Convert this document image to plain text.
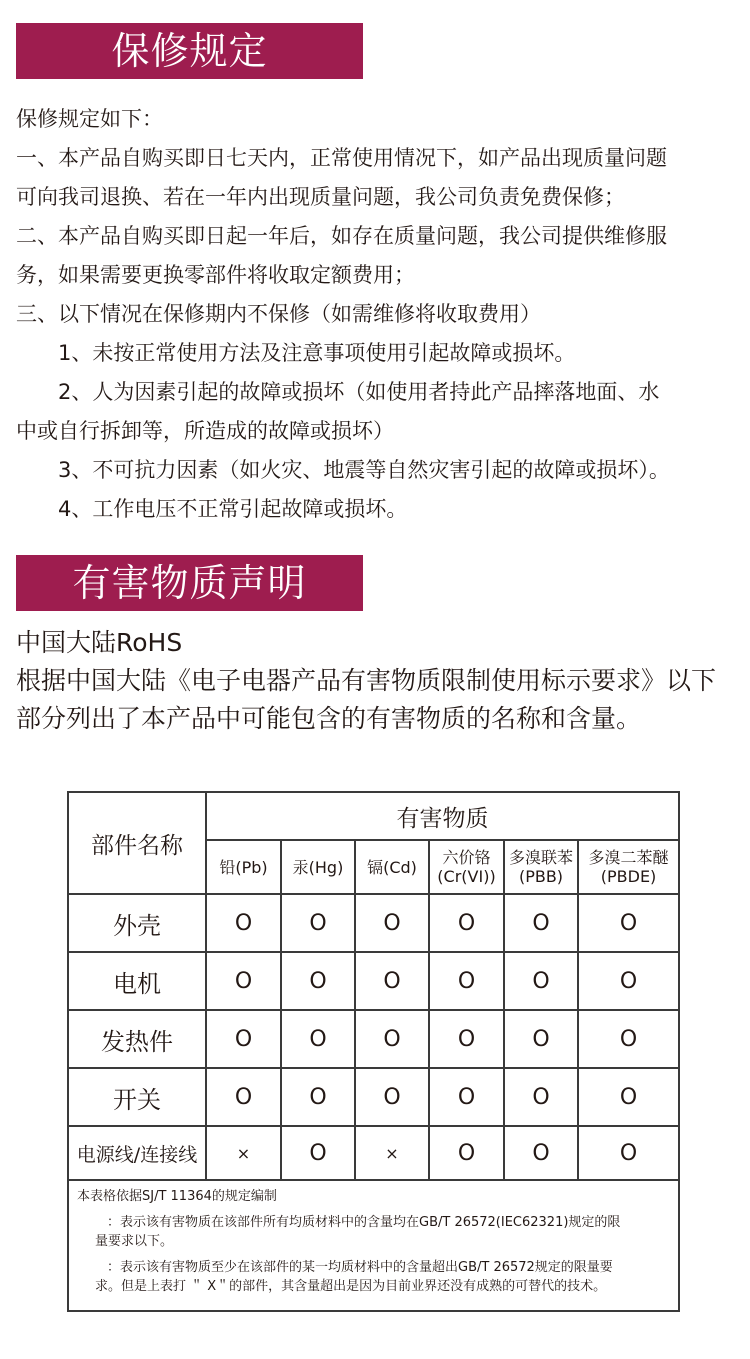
保修规定

保修规定如下：

一、本产品自购买即日七天内，正常使用情况下，如产品出现质量问题

可向我司退换、若在一年内出现质量问题，我公司负责免费保修；

二、本产品自购买即日起一年后，如存在质量问题，我公司提供维修服

务，如果需要更换零部件将收取定额费用；

三、以下情况在保修期内不保修（如需维修将收取费用）

1、未按正常使用方法及注意事项使用引起故障或损坏。

2、人为因素引起的故障或损坏（如使用者持此产品摔落地面、水

中或自行拆卸等，所造成的故障或损坏）

3、不可抗力因素（如火灾、地震等自然灾害引起的故障或损坏）。

4、工作电压不正常引起故障或损坏。

有害物质声明

中国大陆RoHS

根据中国大陆《电子电器产品有害物质限制使用标示要求》以下

部分列出了本产品中可能包含的有害物质的名称和含量。

部件名称	有害物质					
	铅(Pb)	汞(Hg)	镉(Cd)	六价铬
(Cr(VI))	多溴联苯
(PBB)	多溴二苯醚
(PBDE)
外壳	O	O	O	O	O	O
电机	O	O	O	O	O	O
发热件	O	O	O	O	O	O
开关	O	O	O	O	O	O
电源线/连接线	×	O	×	O	O	O

本表格依据SJ/T 11364的规定编制

：表示该有害物质在该部件所有均质材料中的含量均在GB/T 26572(IEC62321)规定的限

量要求以下。

：表示该有害物质至少在该部件的某一均质材料中的含量超出GB/T 26572规定的限量要

求。但是上表打 ＂ X＂的部件，其含量超出是因为目前业界还没有成熟的可替代的技术。						
